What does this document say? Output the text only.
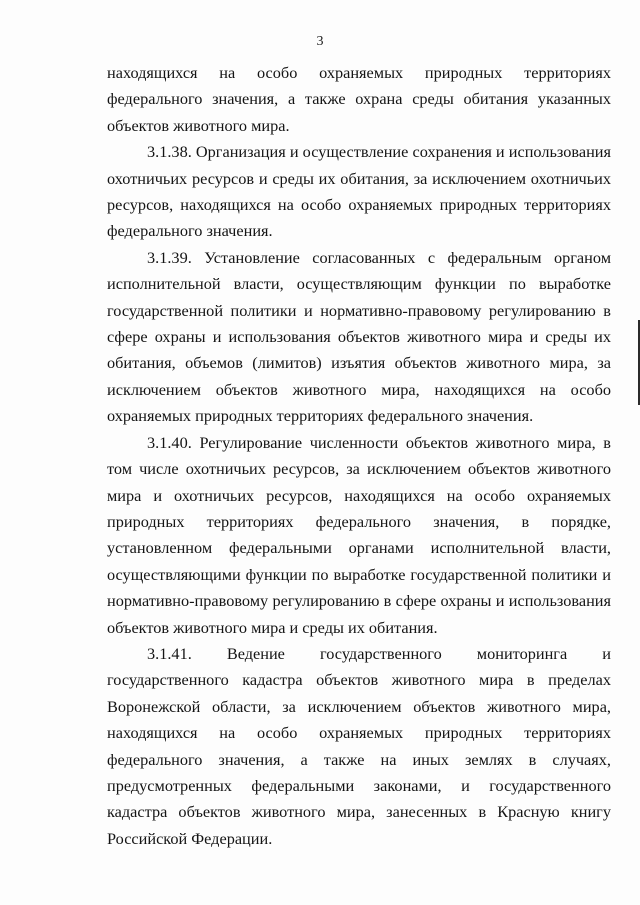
3

находящихся на особо охраняемых природных территориях федерального значения, а также охрана среды обитания указанных объектов животного мира.

3.1.38. Организация и осуществление сохранения и использования охотничьих ресурсов и среды их обитания, за исключением охотничьих ресурсов, находящихся на особо охраняемых природных территориях федерального значения.

3.1.39. Установление согласованных с федеральным органом исполнительной власти, осуществляющим функции по выработке государственной политики и нормативно-правовому регулированию в сфере охраны и использования объектов животного мира и среды их обитания, объемов (лимитов) изъятия объектов животного мира, за исключением объектов животного мира, находящихся на особо охраняемых природных территориях федерального значения.

3.1.40. Регулирование численности объектов животного мира, в том числе охотничьих ресурсов, за исключением объектов животного мира и охотничьих ресурсов, находящихся на особо охраняемых природных территориях федерального значения, в порядке, установленном федеральными органами исполнительной власти, осуществляющими функции по выработке государственной политики и нормативно-правовому регулированию в сфере охраны и использования объектов животного мира и среды их обитания.

3.1.41. Ведение государственного мониторинга и государственного кадастра объектов животного мира в пределах Воронежской области, за исключением объектов животного мира, находящихся на особо охраняемых природных территориях федерального значения, а также на иных землях в случаях, предусмотренных федеральными законами, и государственного кадастра объектов животного мира, занесенных в Красную книгу Российской Федерации.
